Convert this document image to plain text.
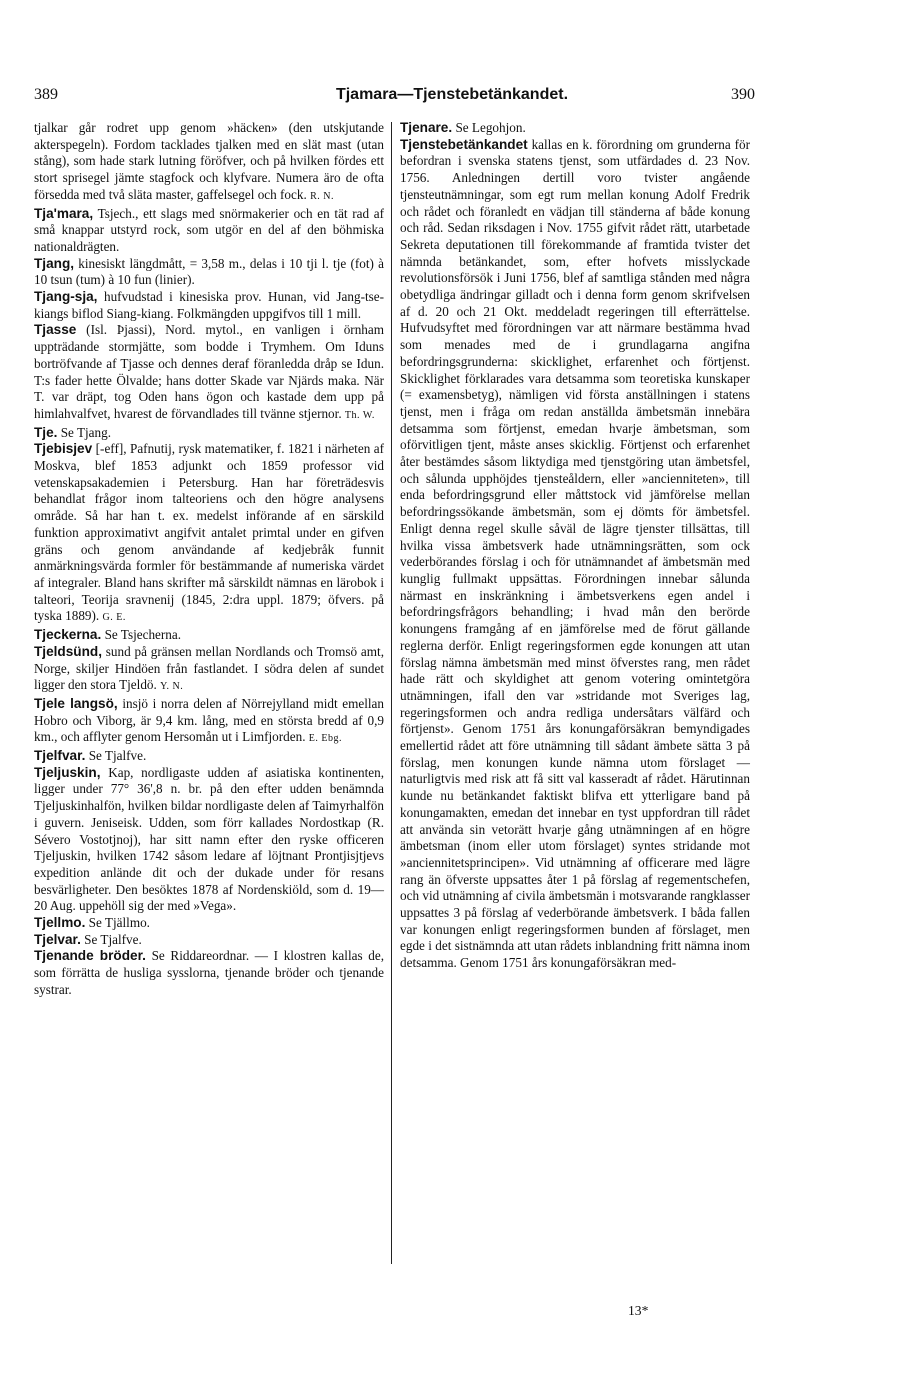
389	Tjamara—Tjenstebetänkandet.	390

tjalkar går rodret upp genom »häcken» (den utskjutande akterspegeln). Fordom tacklades tjalken med en slät mast (utan stång), som hade stark lutning föröfver, och på hvilken fördes ett stort sprisegel jämte stagfock och klyfvare. Numera äro de ofta försedda med två släta master, gaffelsegel och fock. R. N.

Tja'mara, Tsjech., ett slags med snörmakerier och en tät rad af små knappar utstyrd rock, som utgör en del af den böhmiska nationaldrägten.

Tjang, kinesiskt längdmått, = 3,58 m., delas i 10 tji l. tje (fot) à 10 tsun (tum) à 10 fun (linier).

Tjang-sja, hufvudstad i kinesiska prov. Hunan, vid Jang-tse-kiangs biflod Siang-kiang. Folkmängden uppgifvos till 1 mill.

Tjasse (Isl. Þjassi), Nord. mytol., en vanligen i örnham uppträdande stormjätte, som bodde i Trymhem. Om Iduns bortröfvande af Tjasse och dennes deraf föranledda dråp se Idun. T:s fader hette Ölvalde; hans dotter Skade var Njärds maka. När T. var dräpt, tog Oden hans ögon och kastade dem upp på himlahvalfvet, hvarest de förvandlades till tvänne stjernor. Th. W.

Tje. Se Tjang.

Tjebisjev [-eff], Pafnutij, rysk matematiker, f. 1821 i närheten af Moskva, blef 1853 adjunkt och 1859 professor vid vetenskapsakademien i Petersburg. Han har företrädesvis behandlat frågor inom talteoriens och den högre analysens område. Så har han t. ex. medelst införande af en särskild funktion approximativt angifvit antalet primtal under en gifven gräns och genom användande af kedjebråk funnit anmärkningsvärda formler för bestämmande af numeriska värdet af integraler. Bland hans skrifter må särskildt nämnas en lärobok i talteori, Teorija sravnenij (1845, 2:dra uppl. 1879; öfvers. på tyska 1889). G. E.

Tjeckerna. Se Tsjecherna.

Tjeldsünd, sund på gränsen mellan Nordlands och Tromsö amt, Norge, skiljer Hindöen från fastlandet. I södra delen af sundet ligger den stora Tjeldö. Y. N.

Tjele langsö, insjö i norra delen af Nörrejylland midt emellan Hobro och Viborg, är 9,4 km. lång, med en största bredd af 0,9 km., och afflyter genom Hersomån ut i Limfjorden. E. Ebg.

Tjelfvar. Se Tjalfve.

Tjeljuskin, Kap, nordligaste udden af asiatiska kontinenten, ligger under 77° 36',8 n. br. på den efter udden benämnda Tjeljuskinhalfön, hvilken bildar nordligaste delen af Taimyrhalfön i guvern. Jeniseisk. Udden, som förr kallades Nordostkap (R. Sévero Vostotjnoj), har sitt namn efter den ryske officeren Tjeljuskin, hvilken 1742 såsom ledare af löjtnant Prontjisjtjevs expedition anlände dit och der dukade under för resans besvärligheter. Den besöktes 1878 af Nordenskiöld, som d. 19—20 Aug. uppehöll sig der med »Vega».

Tjellmo. Se Tjällmo.

Tjelvar. Se Tjalfve.

Tjenande bröder. Se Riddareordnar. — I klostren kallas de, som förrätta de husliga sysslorna, tjenande bröder och tjenande systrar.

Tjenare. Se Legohjon.

Tjenstebetänkandet kallas en k. förordning om grunderna för befordran i svenska statens tjenst, som utfärdades d. 23 Nov. 1756. Anledningen dertill voro tvister angående tjensteutnämningar, som egt rum mellan konung Adolf Fredrik och rådet och föranledt en vädjan till ständerna af både konung och råd. Sedan riksdagen i Nov. 1755 gifvit rådet rätt, utarbetade Sekreta deputationen till förekommande af framtida tvister det nämnda betänkandet, som, efter hofvets misslyckade revolutionsförsök i Juni 1756, blef af samtliga stånden med några obetydliga ändringar gilladt och i denna form genom skrifvelsen af d. 20 och 21 Okt. meddeladt regeringen till efterrättelse. Hufvudsyftet med förordningen var att närmare bestämma hvad som menades med de i grundlagarna angifna befordringsgrunderna: skicklighet, erfarenhet och förtjenst. Skicklighet förklarades vara detsamma som teoretiska kunskaper (= examensbetyg), nämligen vid första anställningen i statens tjenst, men i fråga om redan anställda ämbetsmän innebära detsamma som förtjenst, emedan hvarje ämbetsman, som oförvitligen tjent, måste anses skicklig. Förtjenst och erfarenhet åter bestämdes såsom liktydiga med tjenstgöring utan ämbetsfel, och sålunda upphöjdes tjensteåldern, eller »ancienniteten», till enda befordringsgrund eller måttstock vid jämförelse mellan befordringssökande ämbetsmän, som ej dömts för ämbetsfel. Enligt denna regel skulle såväl de lägre tjenster tillsättas, till hvilka vissa ämbetsverk hade utnämningsrätten, som ock vederbörandes förslag i och för utnämnandet af ämbetsmän med kunglig fullmakt uppsättas. Förordningen innebar sålunda närmast en inskränkning i ämbetsverkens egen andel i befordringsfrågors behandling; i hvad mån den berörde konungens framgång af en jämförelse med de förut gällande reglerna derför. Enligt regeringsformen egde konungen att utan förslag nämna ämbetsmän med minst öfverstes rang, men rådet hade rätt och skyldighet att genom votering omintetgöra utnämningen, ifall den var »stridande mot Sveriges lag, regeringsformen och andra redliga undersåtars välfärd och förtjenst». Genom 1751 års konungaförsäkran bemyndigades emellertid rådet att före utnämning till sådant ämbete sätta 3 på förslag, men konungen kunde nämna utom förslaget — naturligtvis med risk att få sitt val kasseradt af rådet. Härutinnan kunde nu betänkandet faktiskt blifva ett ytterligare band på konungamakten, emedan det innebar en tyst uppfordran till rådet att använda sin vetorätt hvarje gång utnämningen af en högre ämbetsman (inom eller utom förslaget) syntes stridande mot »anciennitetsprincipen». Vid utnämning af officerare med lägre rang än öfverste uppsattes åter 1 på förslag af regementschefen, och vid utnämning af civila ämbetsmän i motsvarande rangklasser uppsattes 3 på förslag af vederbörande ämbetsverk. I båda fallen var konungen enligt regeringsformen bunden af förslaget, men egde i det sistnämnda att utan rådets inblandning fritt nämna inom detsamma. Genom 1751 års konungaförsäkran med-

13*
